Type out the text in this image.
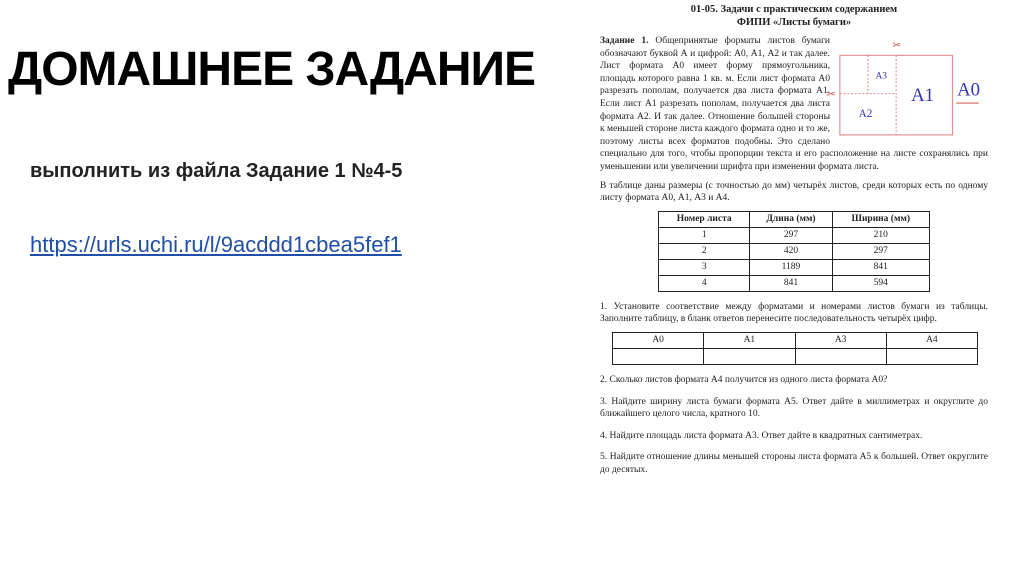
ДОМАШНЕЕ ЗАДАНИЕ
выполнить из файла Задание 1 №4-5
https://urls.uchi.ru/l/9acddd1cbea5fef1
01-05. Задачи с практическим содержанием
ФИПИ «Листы бумаги»
✂
✂
A3
A2
A1 A0
Задание 1. Общепринятые форматы листов бумаги обозначают буквой А и цифрой: А0, А1, А2 и так далее. Лист формата А0 имеет форму прямоугольника, площадь которого равна 1 кв. м. Если лист формата А0 разрезать пополам, получается два листа формата А1. Если лист А1 разрезать пополам, получается два листа формата А2. И так далее. Отношение большей стороны к меньшей стороне листа каждого формата одно и то же, поэтому листы всех форматов подобны. Это сделано специально для того, чтобы пропорции текста и его расположение на листе сохранялись при уменьшении или увеличении шрифта при изменении формата листа.
В таблице даны размеры (с точностью до мм) четырёх листов, среди которых есть по одному листу формата А0, А1, А3 и А4.
Номер листа	Длина (мм)	Ширина (мм)
1	297	210
2	420	297
3	1189	841
4	841	594
1. Установите соответствие между форматами и номерами листов бумаги из таблицы. Заполните таблицу, в бланк ответов перенесите последовательность четырёх цифр.
А0	А1	А3	А4

2. Сколько листов формата А4 получится из одного листа формата А0?
3. Найдите ширину листа бумаги формата А5. Ответ дайте в миллиметрах и округлите до ближайшего целого числа, кратного 10.
4. Найдите площадь листа формата А3. Ответ дайте в квадратных сантиметрах.
5. Найдите отношение длины меньшей стороны листа формата А5 к большей. Ответ округлите до десятых.
